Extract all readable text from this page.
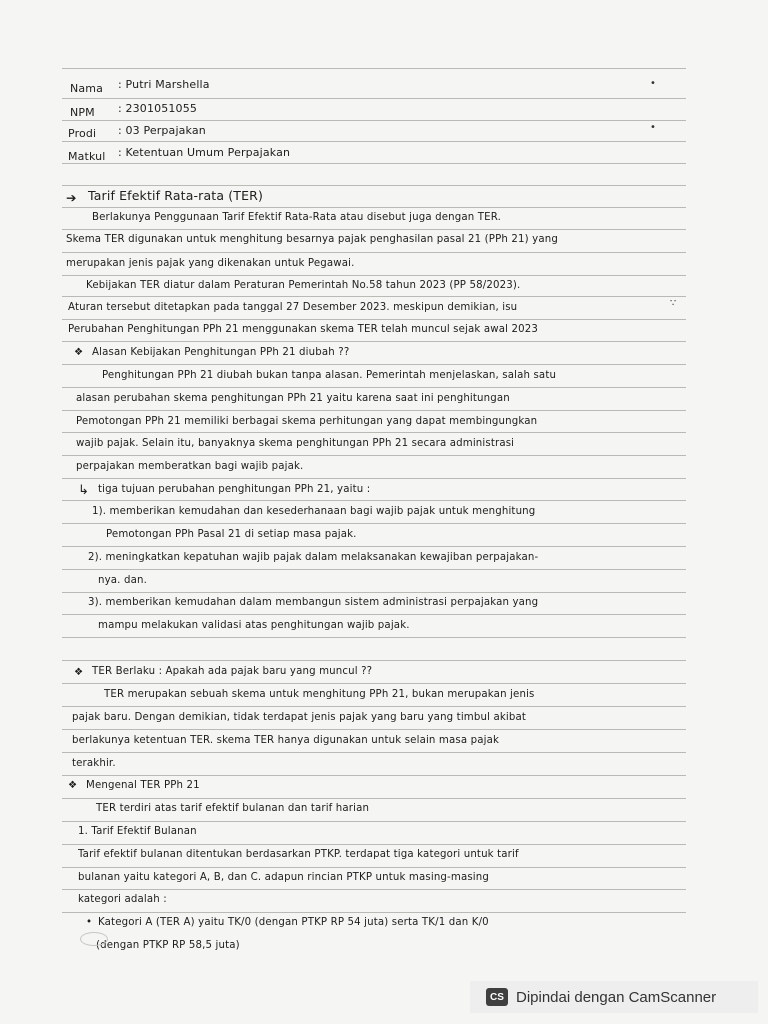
Nama : Putri Marshella
NPM : 2301051055
Prodi : 03 Perpajakan
Matkul : Ketentuan Umum Perpajakan
•
•
➔ Tarif Efektif Rata-rata (TER)
Berlakunya Penggunaan Tarif Efektif Rata-Rata atau disebut juga dengan TER.
Skema TER digunakan untuk menghitung besarnya pajak penghasilan pasal 21 (PPh 21) yang
merupakan jenis pajak yang dikenakan untuk Pegawai.
Kebijakan TER diatur dalam Peraturan Pemerintah No.58 tahun 2023 (PP 58/2023).
Aturan tersebut ditetapkan pada tanggal 27 Desember 2023. meskipun demikian, isu	∵
Perubahan Penghitungan PPh 21 menggunakan skema TER telah muncul sejak awal 2023
❖ Alasan Kebijakan Penghitungan PPh 21 diubah ??
Penghitungan PPh 21 diubah bukan tanpa alasan. Pemerintah menjelaskan, salah satu
alasan perubahan skema penghitungan PPh 21 yaitu karena saat ini penghitungan
Pemotongan PPh 21 memiliki berbagai skema perhitungan yang dapat membingungkan
wajib pajak. Selain itu, banyaknya skema penghitungan PPh 21 secara administrasi
perpajakan memberatkan bagi wajib pajak.
↳ tiga tujuan perubahan penghitungan PPh 21, yaitu :
1). memberikan kemudahan dan kesederhanaan bagi wajib pajak untuk menghitung
Pemotongan PPh Pasal 21 di setiap masa pajak.
2). meningkatkan kepatuhan wajib pajak dalam melaksanakan kewajiban perpajakan-
nya. dan.
3). memberikan kemudahan dalam membangun sistem administrasi perpajakan yang
mampu melakukan validasi atas penghitungan wajib pajak.
❖ TER Berlaku : Apakah ada pajak baru yang muncul ??
TER merupakan sebuah skema untuk menghitung PPh 21, bukan merupakan jenis
pajak baru. Dengan demikian, tidak terdapat jenis pajak yang baru yang timbul akibat
berlakunya ketentuan TER. skema TER hanya digunakan untuk selain masa pajak
terakhir.
❖ Mengenal TER PPh 21
TER terdiri atas tarif efektif bulanan dan tarif harian
1. Tarif Efektif Bulanan
Tarif efektif bulanan ditentukan berdasarkan PTKP. terdapat tiga kategori untuk tarif
bulanan yaitu kategori A, B, dan C. adapun rincian PTKP untuk masing-masing
kategori adalah :
• Kategori A (TER A) yaitu TK/0 (dengan PTKP RP 54 juta) serta TK/1 dan K/0
(dengan PTKP RP 58,5 juta)
CS Dipindai dengan CamScanner
